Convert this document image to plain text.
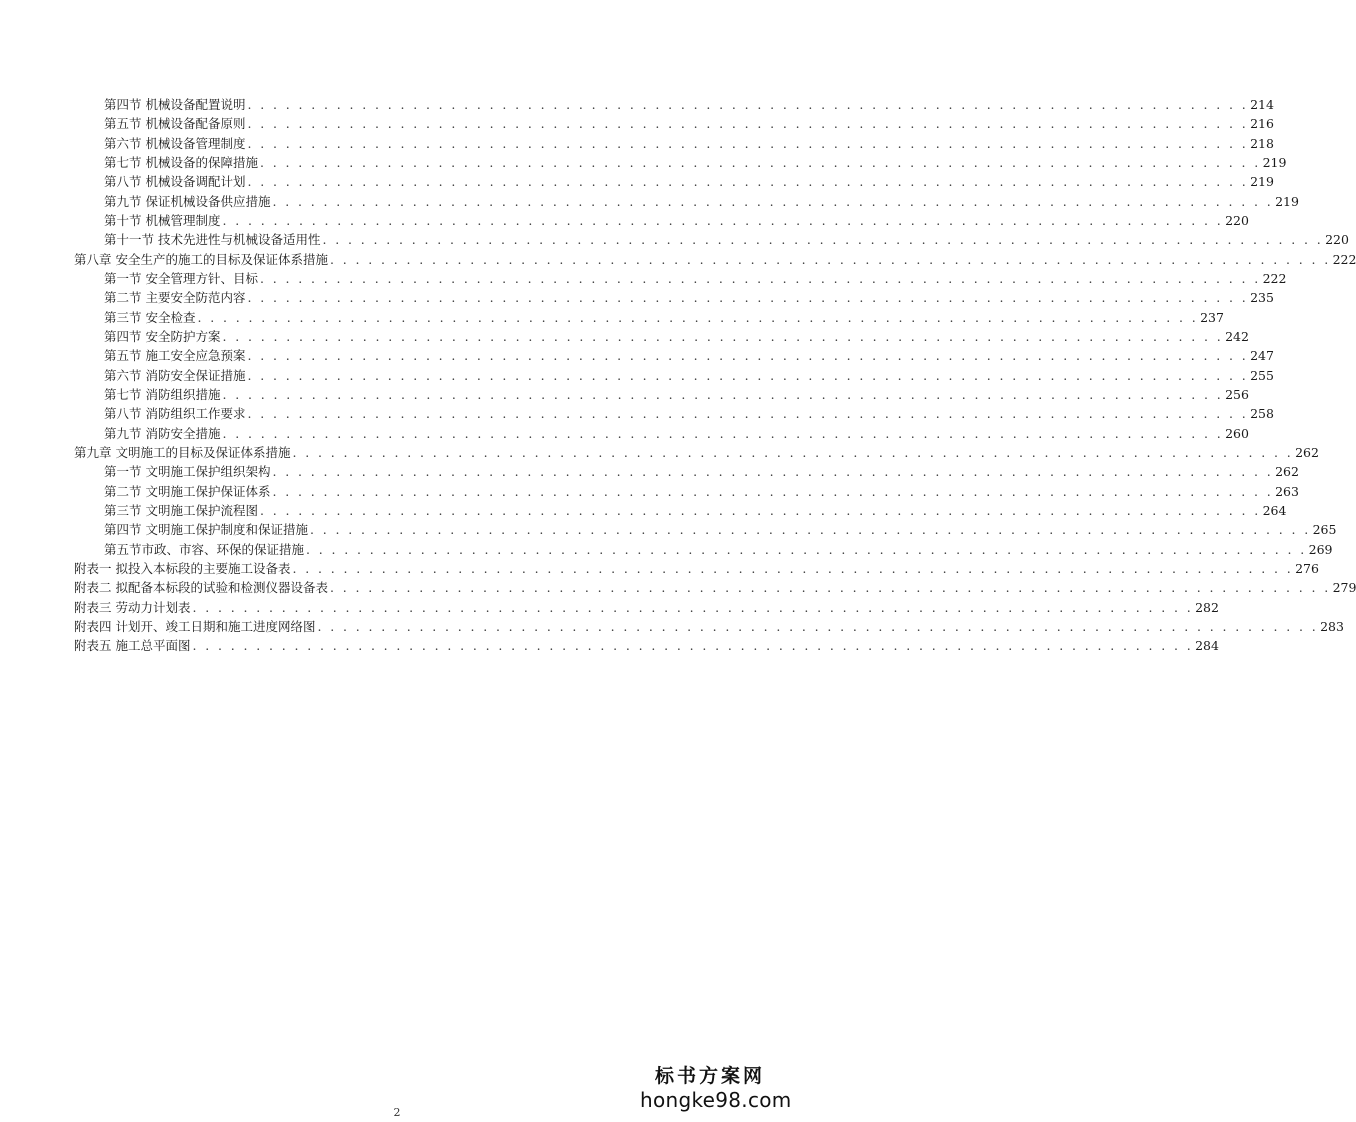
第四节 机械设备配置说明 . . . . . . . . . . . . . . . . . . . . . . . . . . . . . . . . . . . . . . . . . . . . . . . . . . . . . . . . . . . . . . . . . . . . . . . . . . . . . . . 214
第五节 机械设备配备原则 . . . . . . . . . . . . . . . . . . . . . . . . . . . . . . . . . . . . . . . . . . . . . . . . . . . . . . . . . . . . . . . . . . . . . . . . . . . . . . . 216
第六节 机械设备管理制度 . . . . . . . . . . . . . . . . . . . . . . . . . . . . . . . . . . . . . . . . . . . . . . . . . . . . . . . . . . . . . . . . . . . . . . . . . . . . . . . 218
第七节 机械设备的保障措施 . . . . . . . . . . . . . . . . . . . . . . . . . . . . . . . . . . . . . . . . . . . . . . . . . . . . . . . . . . . . . . . . . . . . . . . . . . . . . . . 219
第八节 机械设备调配计划 . . . . . . . . . . . . . . . . . . . . . . . . . . . . . . . . . . . . . . . . . . . . . . . . . . . . . . . . . . . . . . . . . . . . . . . . . . . . . . . 219
第九节 保证机械设备供应措施 . . . . . . . . . . . . . . . . . . . . . . . . . . . . . . . . . . . . . . . . . . . . . . . . . . . . . . . . . . . . . . . . . . . . . . . . . . . . . . . 219
第十节 机械管理制度 . . . . . . . . . . . . . . . . . . . . . . . . . . . . . . . . . . . . . . . . . . . . . . . . . . . . . . . . . . . . . . . . . . . . . . . . . . . . . . . 220
第十一节 技术先进性与机械设备适用性 . . . . . . . . . . . . . . . . . . . . . . . . . . . . . . . . . . . . . . . . . . . . . . . . . . . . . . . . . . . . . . . . . . . . . . . . . . . . . . . 220
第八章 安全生产的施工的目标及保证体系措施 . . . . . . . . . . . . . . . . . . . . . . . . . . . . . . . . . . . . . . . . . . . . . . . . . . . . . . . . . . . . . . . . . . . . . . . . . . . . . . . 222
第一节 安全管理方针、目标 . . . . . . . . . . . . . . . . . . . . . . . . . . . . . . . . . . . . . . . . . . . . . . . . . . . . . . . . . . . . . . . . . . . . . . . . . . . . . . . 222
第二节 主要安全防范内容 . . . . . . . . . . . . . . . . . . . . . . . . . . . . . . . . . . . . . . . . . . . . . . . . . . . . . . . . . . . . . . . . . . . . . . . . . . . . . . . 235
第三节 安全检查 . . . . . . . . . . . . . . . . . . . . . . . . . . . . . . . . . . . . . . . . . . . . . . . . . . . . . . . . . . . . . . . . . . . . . . . . . . . . . . . 237
第四节 安全防护方案 . . . . . . . . . . . . . . . . . . . . . . . . . . . . . . . . . . . . . . . . . . . . . . . . . . . . . . . . . . . . . . . . . . . . . . . . . . . . . . . 242
第五节 施工安全应急预案 . . . . . . . . . . . . . . . . . . . . . . . . . . . . . . . . . . . . . . . . . . . . . . . . . . . . . . . . . . . . . . . . . . . . . . . . . . . . . . . 247
第六节 消防安全保证措施 . . . . . . . . . . . . . . . . . . . . . . . . . . . . . . . . . . . . . . . . . . . . . . . . . . . . . . . . . . . . . . . . . . . . . . . . . . . . . . . 255
第七节 消防组织措施 . . . . . . . . . . . . . . . . . . . . . . . . . . . . . . . . . . . . . . . . . . . . . . . . . . . . . . . . . . . . . . . . . . . . . . . . . . . . . . . 256
第八节 消防组织工作要求 . . . . . . . . . . . . . . . . . . . . . . . . . . . . . . . . . . . . . . . . . . . . . . . . . . . . . . . . . . . . . . . . . . . . . . . . . . . . . . . 258
第九节 消防安全措施 . . . . . . . . . . . . . . . . . . . . . . . . . . . . . . . . . . . . . . . . . . . . . . . . . . . . . . . . . . . . . . . . . . . . . . . . . . . . . . . 260
第九章 文明施工的目标及保证体系措施 . . . . . . . . . . . . . . . . . . . . . . . . . . . . . . . . . . . . . . . . . . . . . . . . . . . . . . . . . . . . . . . . . . . . . . . . . . . . . . . 262
第一节 文明施工保护组织架构 . . . . . . . . . . . . . . . . . . . . . . . . . . . . . . . . . . . . . . . . . . . . . . . . . . . . . . . . . . . . . . . . . . . . . . . . . . . . . . . 262
第二节 文明施工保护保证体系 . . . . . . . . . . . . . . . . . . . . . . . . . . . . . . . . . . . . . . . . . . . . . . . . . . . . . . . . . . . . . . . . . . . . . . . . . . . . . . . 263
第三节 文明施工保护流程图 . . . . . . . . . . . . . . . . . . . . . . . . . . . . . . . . . . . . . . . . . . . . . . . . . . . . . . . . . . . . . . . . . . . . . . . . . . . . . . . 264
第四节 文明施工保护制度和保证措施 . . . . . . . . . . . . . . . . . . . . . . . . . . . . . . . . . . . . . . . . . . . . . . . . . . . . . . . . . . . . . . . . . . . . . . . . . . . . . . . 265
第五节市政、市容、环保的保证措施 . . . . . . . . . . . . . . . . . . . . . . . . . . . . . . . . . . . . . . . . . . . . . . . . . . . . . . . . . . . . . . . . . . . . . . . . . . . . . . . 269
附表一 拟投入本标段的主要施工设备表 . . . . . . . . . . . . . . . . . . . . . . . . . . . . . . . . . . . . . . . . . . . . . . . . . . . . . . . . . . . . . . . . . . . . . . . . . . . . . . . 276
附表二 拟配备本标段的试验和检测仪器设备表 . . . . . . . . . . . . . . . . . . . . . . . . . . . . . . . . . . . . . . . . . . . . . . . . . . . . . . . . . . . . . . . . . . . . . . . . . . . . . . . 279
附表三 劳动力计划表 . . . . . . . . . . . . . . . . . . . . . . . . . . . . . . . . . . . . . . . . . . . . . . . . . . . . . . . . . . . . . . . . . . . . . . . . . . . . . . . 282
附表四 计划开、竣工日期和施工进度网络图 . . . . . . . . . . . . . . . . . . . . . . . . . . . . . . . . . . . . . . . . . . . . . . . . . . . . . . . . . . . . . . . . . . . . . . . . . . . . . . . 283
附表五 施工总平面图 . . . . . . . . . . . . . . . . . . . . . . . . . . . . . . . . . . . . . . . . . . . . . . . . . . . . . . . . . . . . . . . . . . . . . . . . . . . . . . . 284
2
标书方案网
hongke98.com
